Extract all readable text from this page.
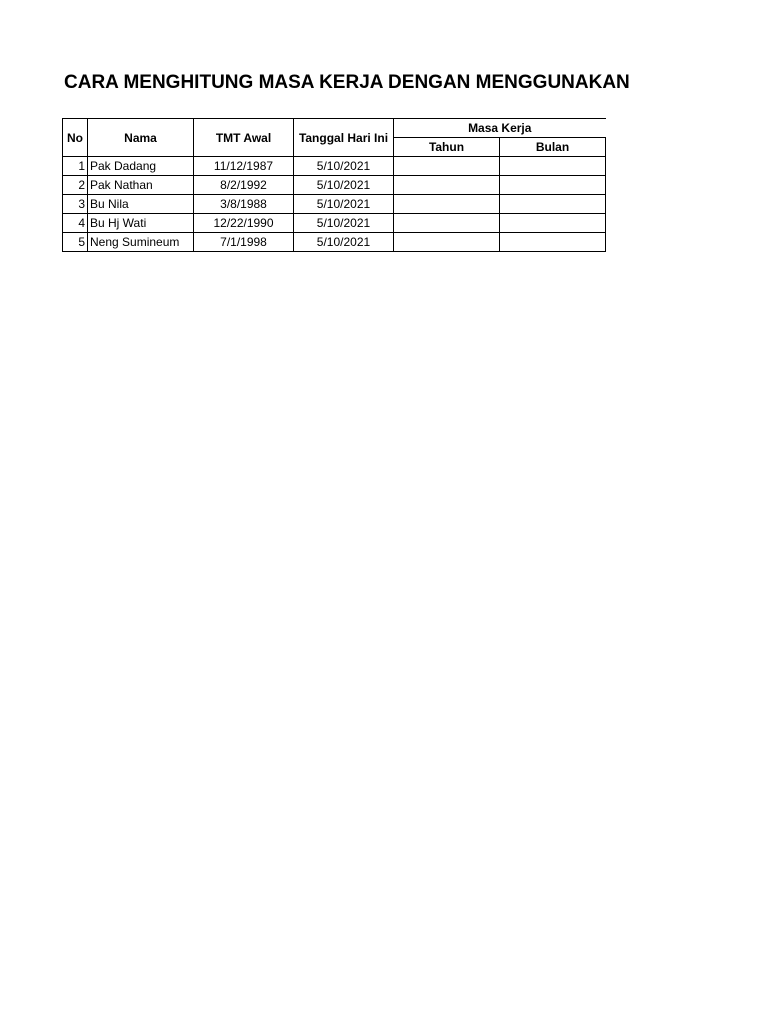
CARA MENGHITUNG MASA KERJA DENGAN MENGGUNAKAN
No	Nama	TMT Awal	Tanggal Hari Ini	Masa Kerja	
				Tahun	Bulan
1	Pak Dadang	11/12/1987	5/10/2021		
2	Pak Nathan	8/2/1992	5/10/2021		
3	Bu Nila	3/8/1988	5/10/2021		
4	Bu Hj Wati	12/22/1990	5/10/2021		
5	Neng Sumineum	7/1/1998	5/10/2021		
